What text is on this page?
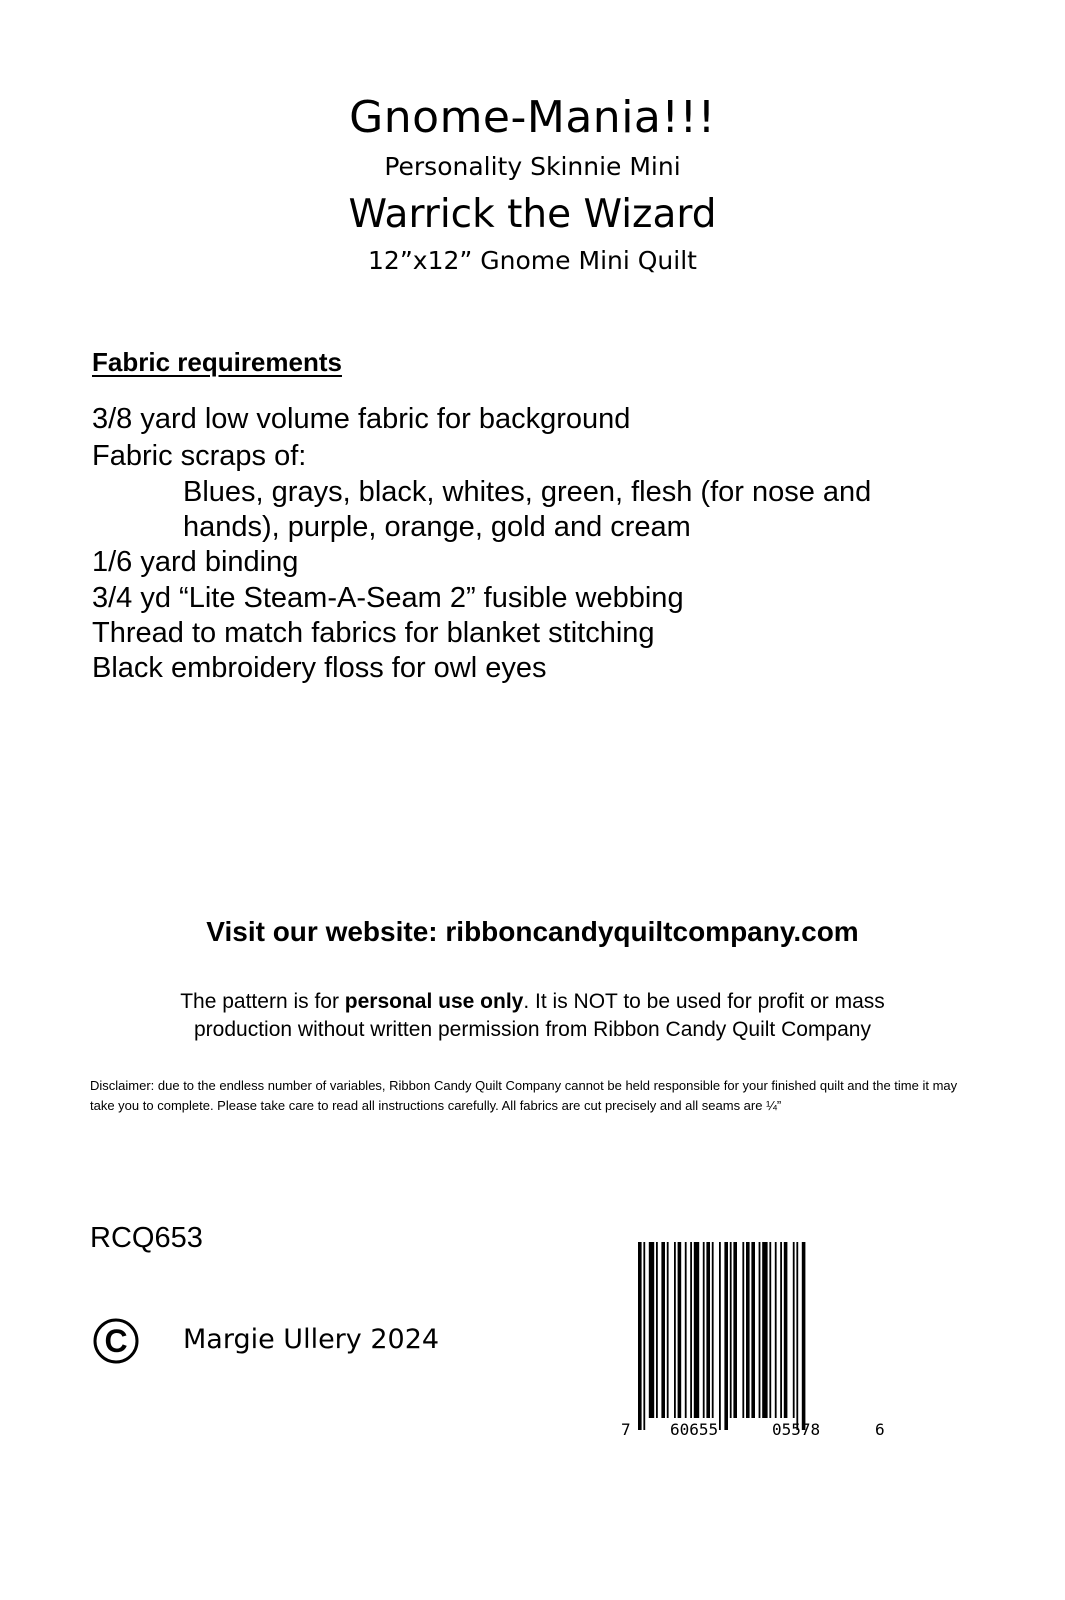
Gnome-Mania!!!
Personality Skinnie Mini
Warrick the Wizard
12”x12” Gnome Mini Quilt
Fabric requirements
3/8 yard low volume fabric for background
Fabric scraps of:
Blues, grays, black, whites, green, flesh (for nose and
hands), purple, orange, gold and cream
1/6 yard binding
3/4 yd “Lite Steam-A-Seam 2” fusible webbing
Thread to match fabrics for blanket stitching
Black embroidery floss for owl eyes
Visit our website: ribboncandyquiltcompany.com
The pattern is for personal use only. It is NOT to be used for profit or mass
production without written permission from Ribbon Candy Quilt Company
Disclaimer: due to the endless number of variables, Ribbon Candy Quilt Company cannot be held responsible for your finished quilt and the time it may take you to complete. Please take care to read all instructions carefully. All fabrics are cut precisely and all seams are ¼”
RCQ653
C Margie Ullery 2024
7 60655	05578	6
